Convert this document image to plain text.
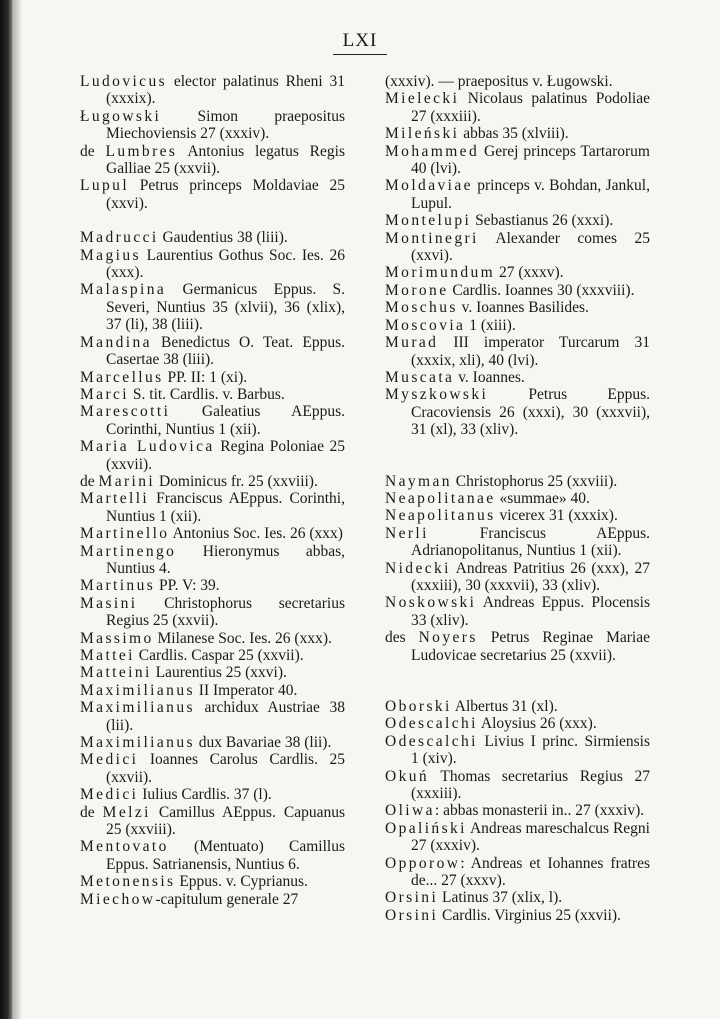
LXI

Ludovicus elector palatinus Rheni 31 (xxxix).

Ługowski Simon praepositus Miechoviensis 27 (xxxiv).

de Lumbres Antonius legatus Regis Galliae 25 (xxvii).

Lupul Petrus princeps Moldaviae 25 (xxvi).

Madrucci Gaudentius 38 (liii).

Magius Laurentius Gothus Soc. Ies. 26 (xxx).

Malaspina Germanicus Eppus. S. Severi, Nuntius 35 (xlvii), 36 (xlix), 37 (li), 38 (liii).

Mandina Benedictus O. Teat. Eppus. Casertae 38 (liii).

Marcellus PP. II: 1 (xi).

Marci S. tit. Cardlis. v. Barbus.

Marescotti Galeatius AEppus. Corinthi, Nuntius 1 (xii).

Maria Ludovica Regina Poloniae 25 (xxvii).

de Marini Dominicus fr. 25 (xxviii).

Martelli Franciscus AEppus. Corinthi, Nuntius 1 (xii).

Martinello Antonius Soc. Ies. 26 (xxx)

Martinengo Hieronymus abbas, Nuntius 4.

Martinus PP. V: 39.

Masini Christophorus secretarius Regius 25 (xxvii).

Massimo Milanese Soc. Ies. 26 (xxx).

Mattei Cardlis. Caspar 25 (xxvii).

Matteini Laurentius 25 (xxvi).

Maximilianus II Imperator 40.

Maximilianus archidux Austriae 38 (lii).

Maximilianus dux Bavariae 38 (lii).

Medici Ioannes Carolus Cardlis. 25 (xxvii).

Medici Iulius Cardlis. 37 (l).

de Melzi Camillus AEppus. Capuanus 25 (xxviii).

Mentovato (Mentuato) Camillus Eppus. Satrianensis, Nuntius 6.

Metonensis Eppus. v. Cyprianus.

Miechow-capitulum generale 27

(xxxiv). — praepositus v. Ługowski.

Mielecki Nicolaus palatinus Podoliae 27 (xxxiii).

Mileński abbas 35 (xlviii).

Mohammed Gerej princeps Tartarorum 40 (lvi).

Moldaviae princeps v. Bohdan, Jankul, Lupul.

Montelupi Sebastianus 26 (xxxi).

Montinegri Alexander comes 25 (xxvi).

Morimundum 27 (xxxv).

Morone Cardlis. Ioannes 30 (xxxviii).

Moschus v. Ioannes Basilides.

Moscovia 1 (xiii).

Murad III imperator Turcarum 31 (xxxix, xli), 40 (lvi).

Muscata v. Ioannes.

Myszkowski Petrus Eppus. Cracoviensis 26 (xxxi), 30 (xxxvii), 31 (xl), 33 (xliv).

Nayman Christophorus 25 (xxviii).

Neapolitanae «summae» 40.

Neapolitanus vicerex 31 (xxxix).

Nerli Franciscus AEppus. Adrianopolitanus, Nuntius 1 (xii).

Nidecki Andreas Patritius 26 (xxx), 27 (xxxiii), 30 (xxxvii), 33 (xliv).

Noskowski Andreas Eppus. Plocensis 33 (xliv).

des Noyers Petrus Reginae Mariae Ludovicae secretarius 25 (xxvii).

Oborski Albertus 31 (xl).

Odescalchi Aloysius 26 (xxx).

Odescalchi Livius I princ. Sirmiensis 1 (xiv).

Okuń Thomas secretarius Regius 27 (xxxiii).

Oliwa: abbas monasterii in.. 27 (xxxiv).

Opaliński Andreas mareschalcus Regni 27 (xxxiv).

Opporow: Andreas et Iohannes fratres de... 27 (xxxv).

Orsini Latinus 37 (xlix, l).

Orsini Cardlis. Virginius 25 (xxvii).
